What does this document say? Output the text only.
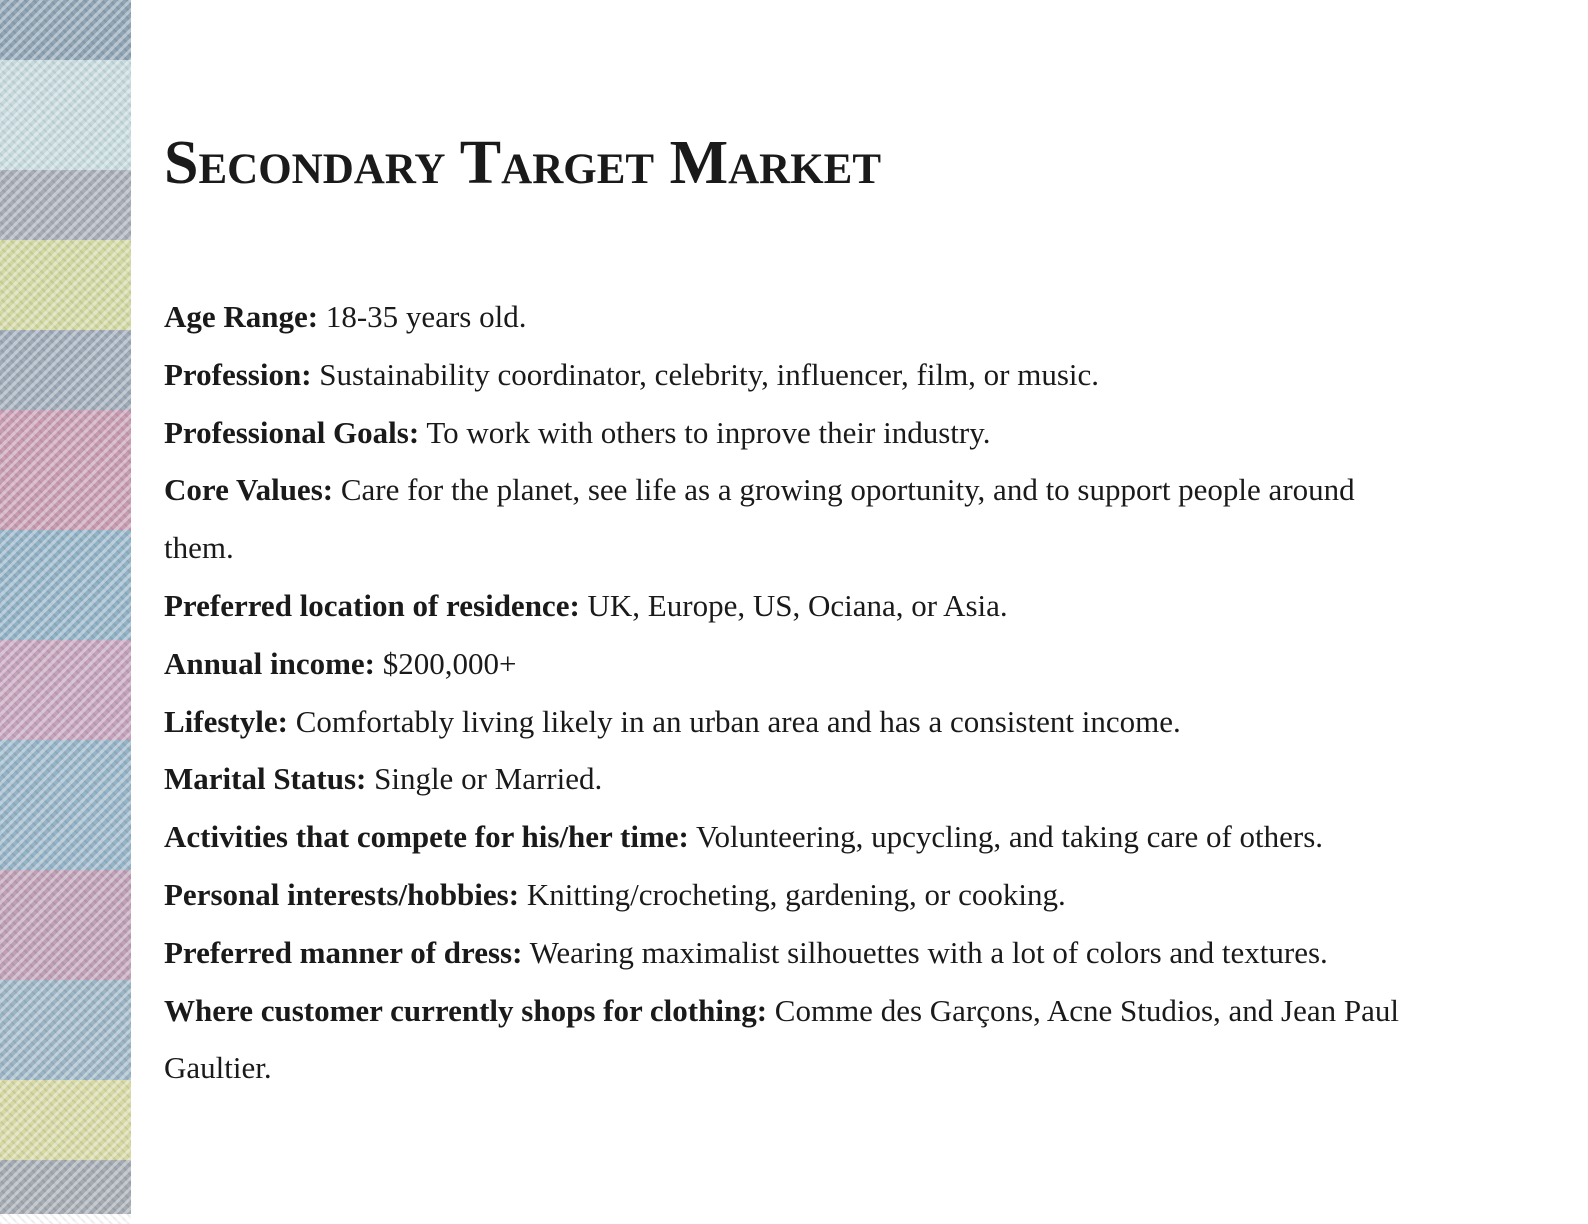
Secondary Target Market

Age Range: 18-35 years old.

Profession: Sustainability coordinator, celebrity, influencer, film, or music.

Professional Goals: To work with others to inprove their industry.

Core Values: Care for the planet, see life as a growing oportunity, and to support people around them.

Preferred location of residence: UK, Europe, US, Ociana, or Asia.

Annual income: $200,000+

Lifestyle: Comfortably living likely in an urban area and has a consistent income.

Marital Status: Single or Married.

Activities that compete for his/her time: Volunteering, upcycling, and taking care of others.

Personal interests/hobbies: Knitting/crocheting, gardening, or cooking.

Preferred manner of dress: Wearing maximalist silhouettes with a lot of colors and textures.

Where customer currently shops for clothing: Comme des Garçons, Acne Studios, and Jean Paul Gaultier.
